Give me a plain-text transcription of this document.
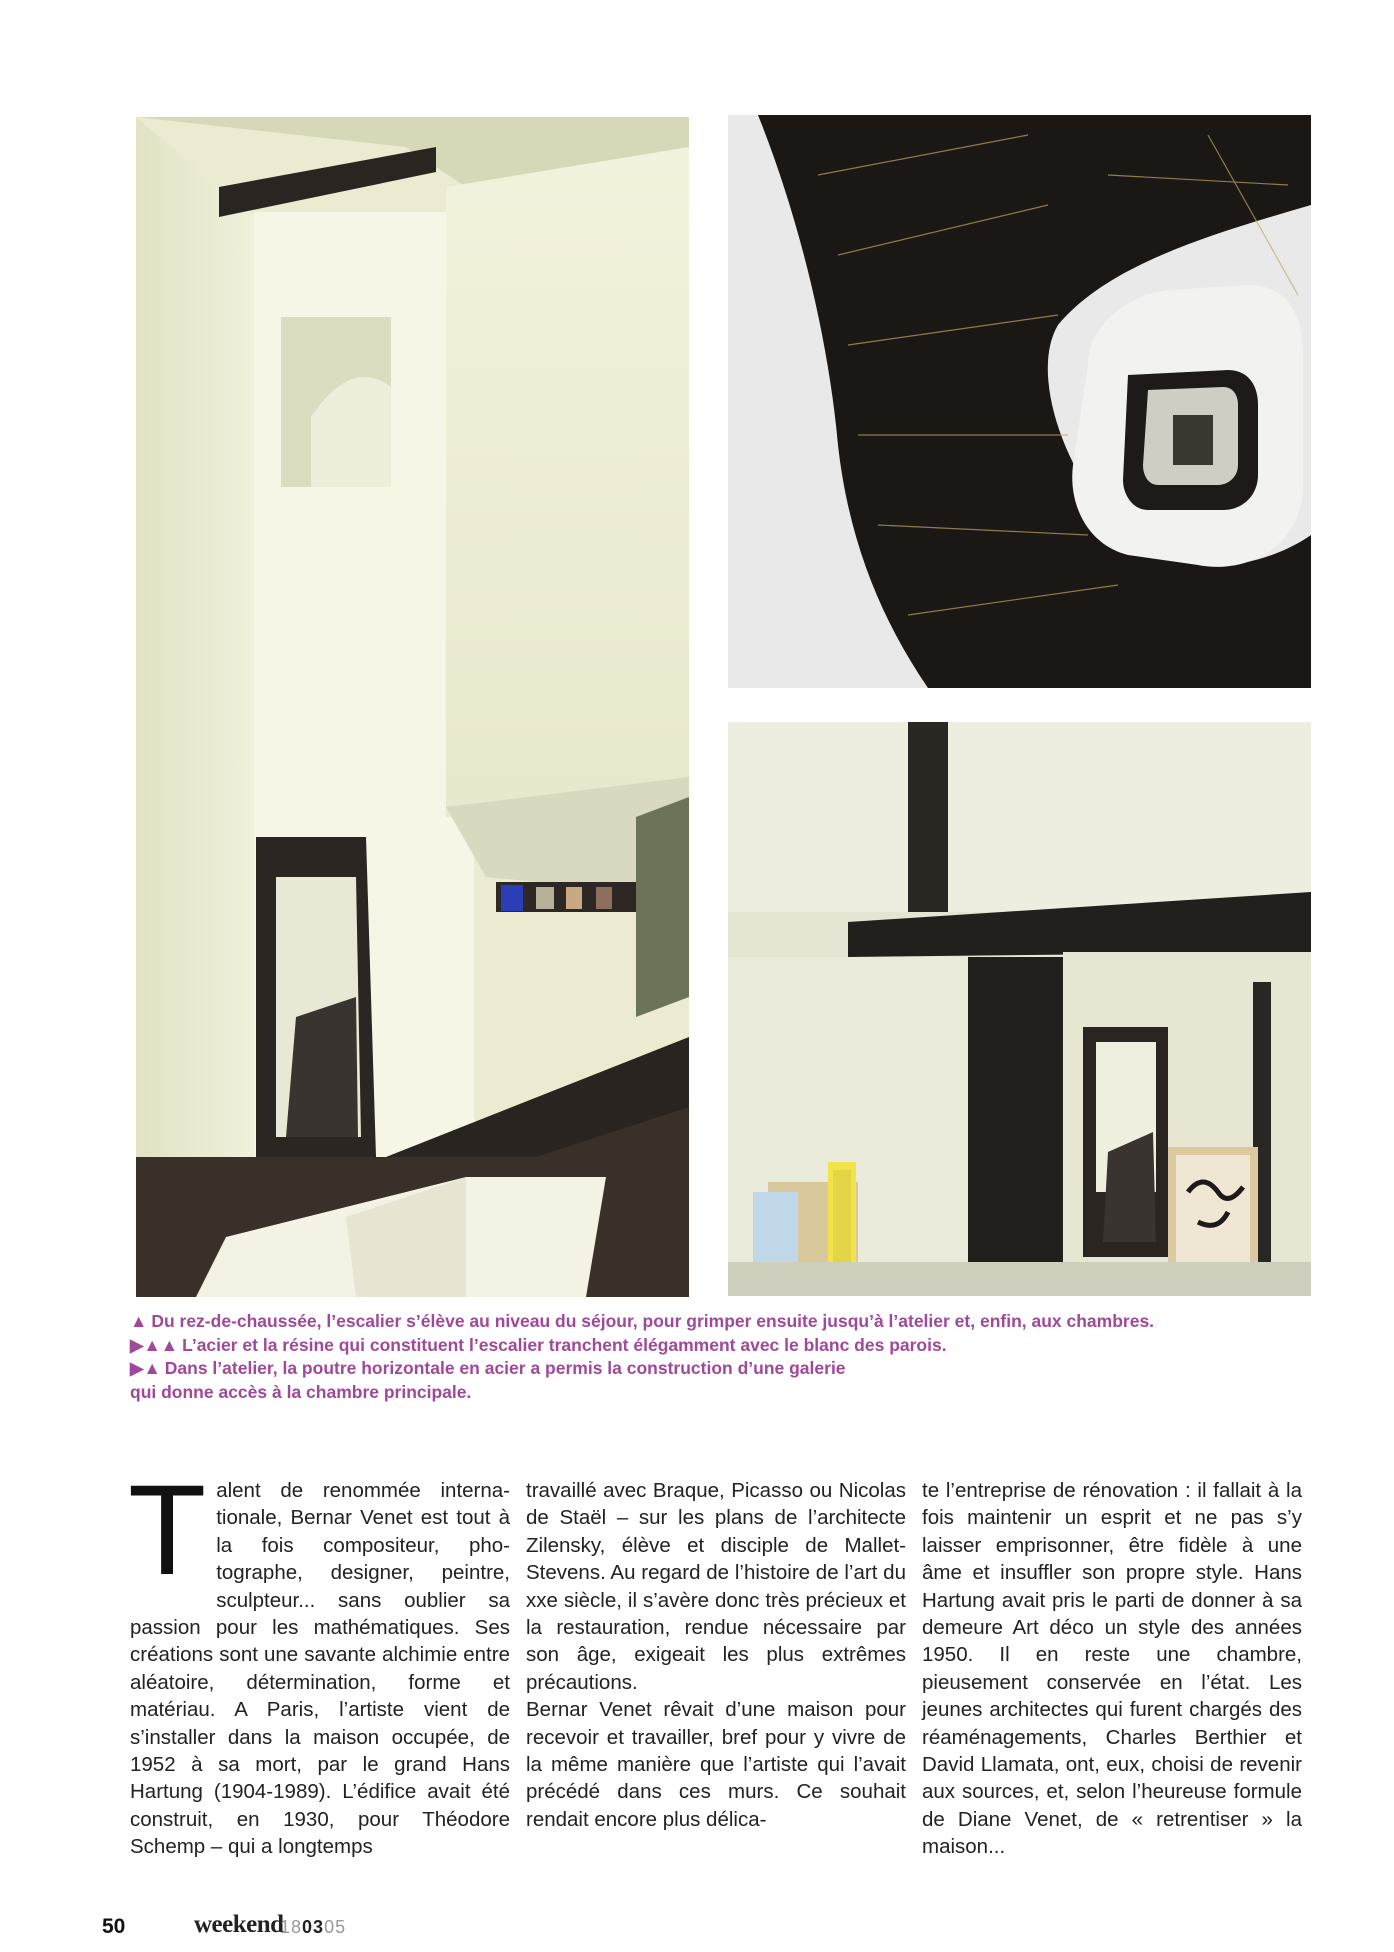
▲ Du rez-de-chaussée, l’escalier s’élève au niveau du séjour, pour grimper ensuite jusqu’à l’atelier et, enfin, aux chambres.
▶▲▲ L’acier et la résine qui constituent l’escalier tranchent élégamment avec le blanc des parois.
▶▲ Dans l’atelier, la poutre horizontale en acier a permis la construction d’une galerie
qui donne accès à la chambre principale.

Talent de renommée internationale, Bernar Venet est tout à la fois compositeur, photographe, designer, peintre, sculpteur... sans oublier sa passion pour les mathématiques. Ses créations sont une savante alchimie entre aléatoire, détermination, forme et matériau. A Paris, l’artiste vient de s’installer dans la maison occupée, de 1952 à sa mort, par le grand Hans Hartung (1904-1989). L’édifice avait été construit, en 1930, pour Théodore Schemp – qui a longtemps

travaillé avec Braque, Picasso ou Nicolas de Staël – sur les plans de l’architecte Zilensky, élève et disciple de Mallet-Stevens. Au regard de l’histoire de l’art du xxe siècle, il s’avère donc très précieux et la restauration, rendue nécessaire par son âge, exigeait les plus extrêmes précautions.

Bernar Venet rêvait d’une maison pour recevoir et travailler, bref pour y vivre de la même manière que l’artiste qui l’avait précédé dans ces murs. Ce souhait rendait encore plus délica-

te l’entreprise de rénovation : il fallait à la fois maintenir un esprit et ne pas s’y laisser emprisonner, être fidèle à une âme et insuffler son propre style. Hans Hartung avait pris le parti de donner à sa demeure Art déco un style des années 1950. Il en reste une chambre, pieusement conservée en l’état. Les jeunes architectes qui furent chargés des réaménagements, Charles Berthier et David Llamata, ont, eux, choisi de revenir aux sources, et, selon l’heureuse formule de Diane Venet, de « retrentiser » la maison...

50	weekend
180305
